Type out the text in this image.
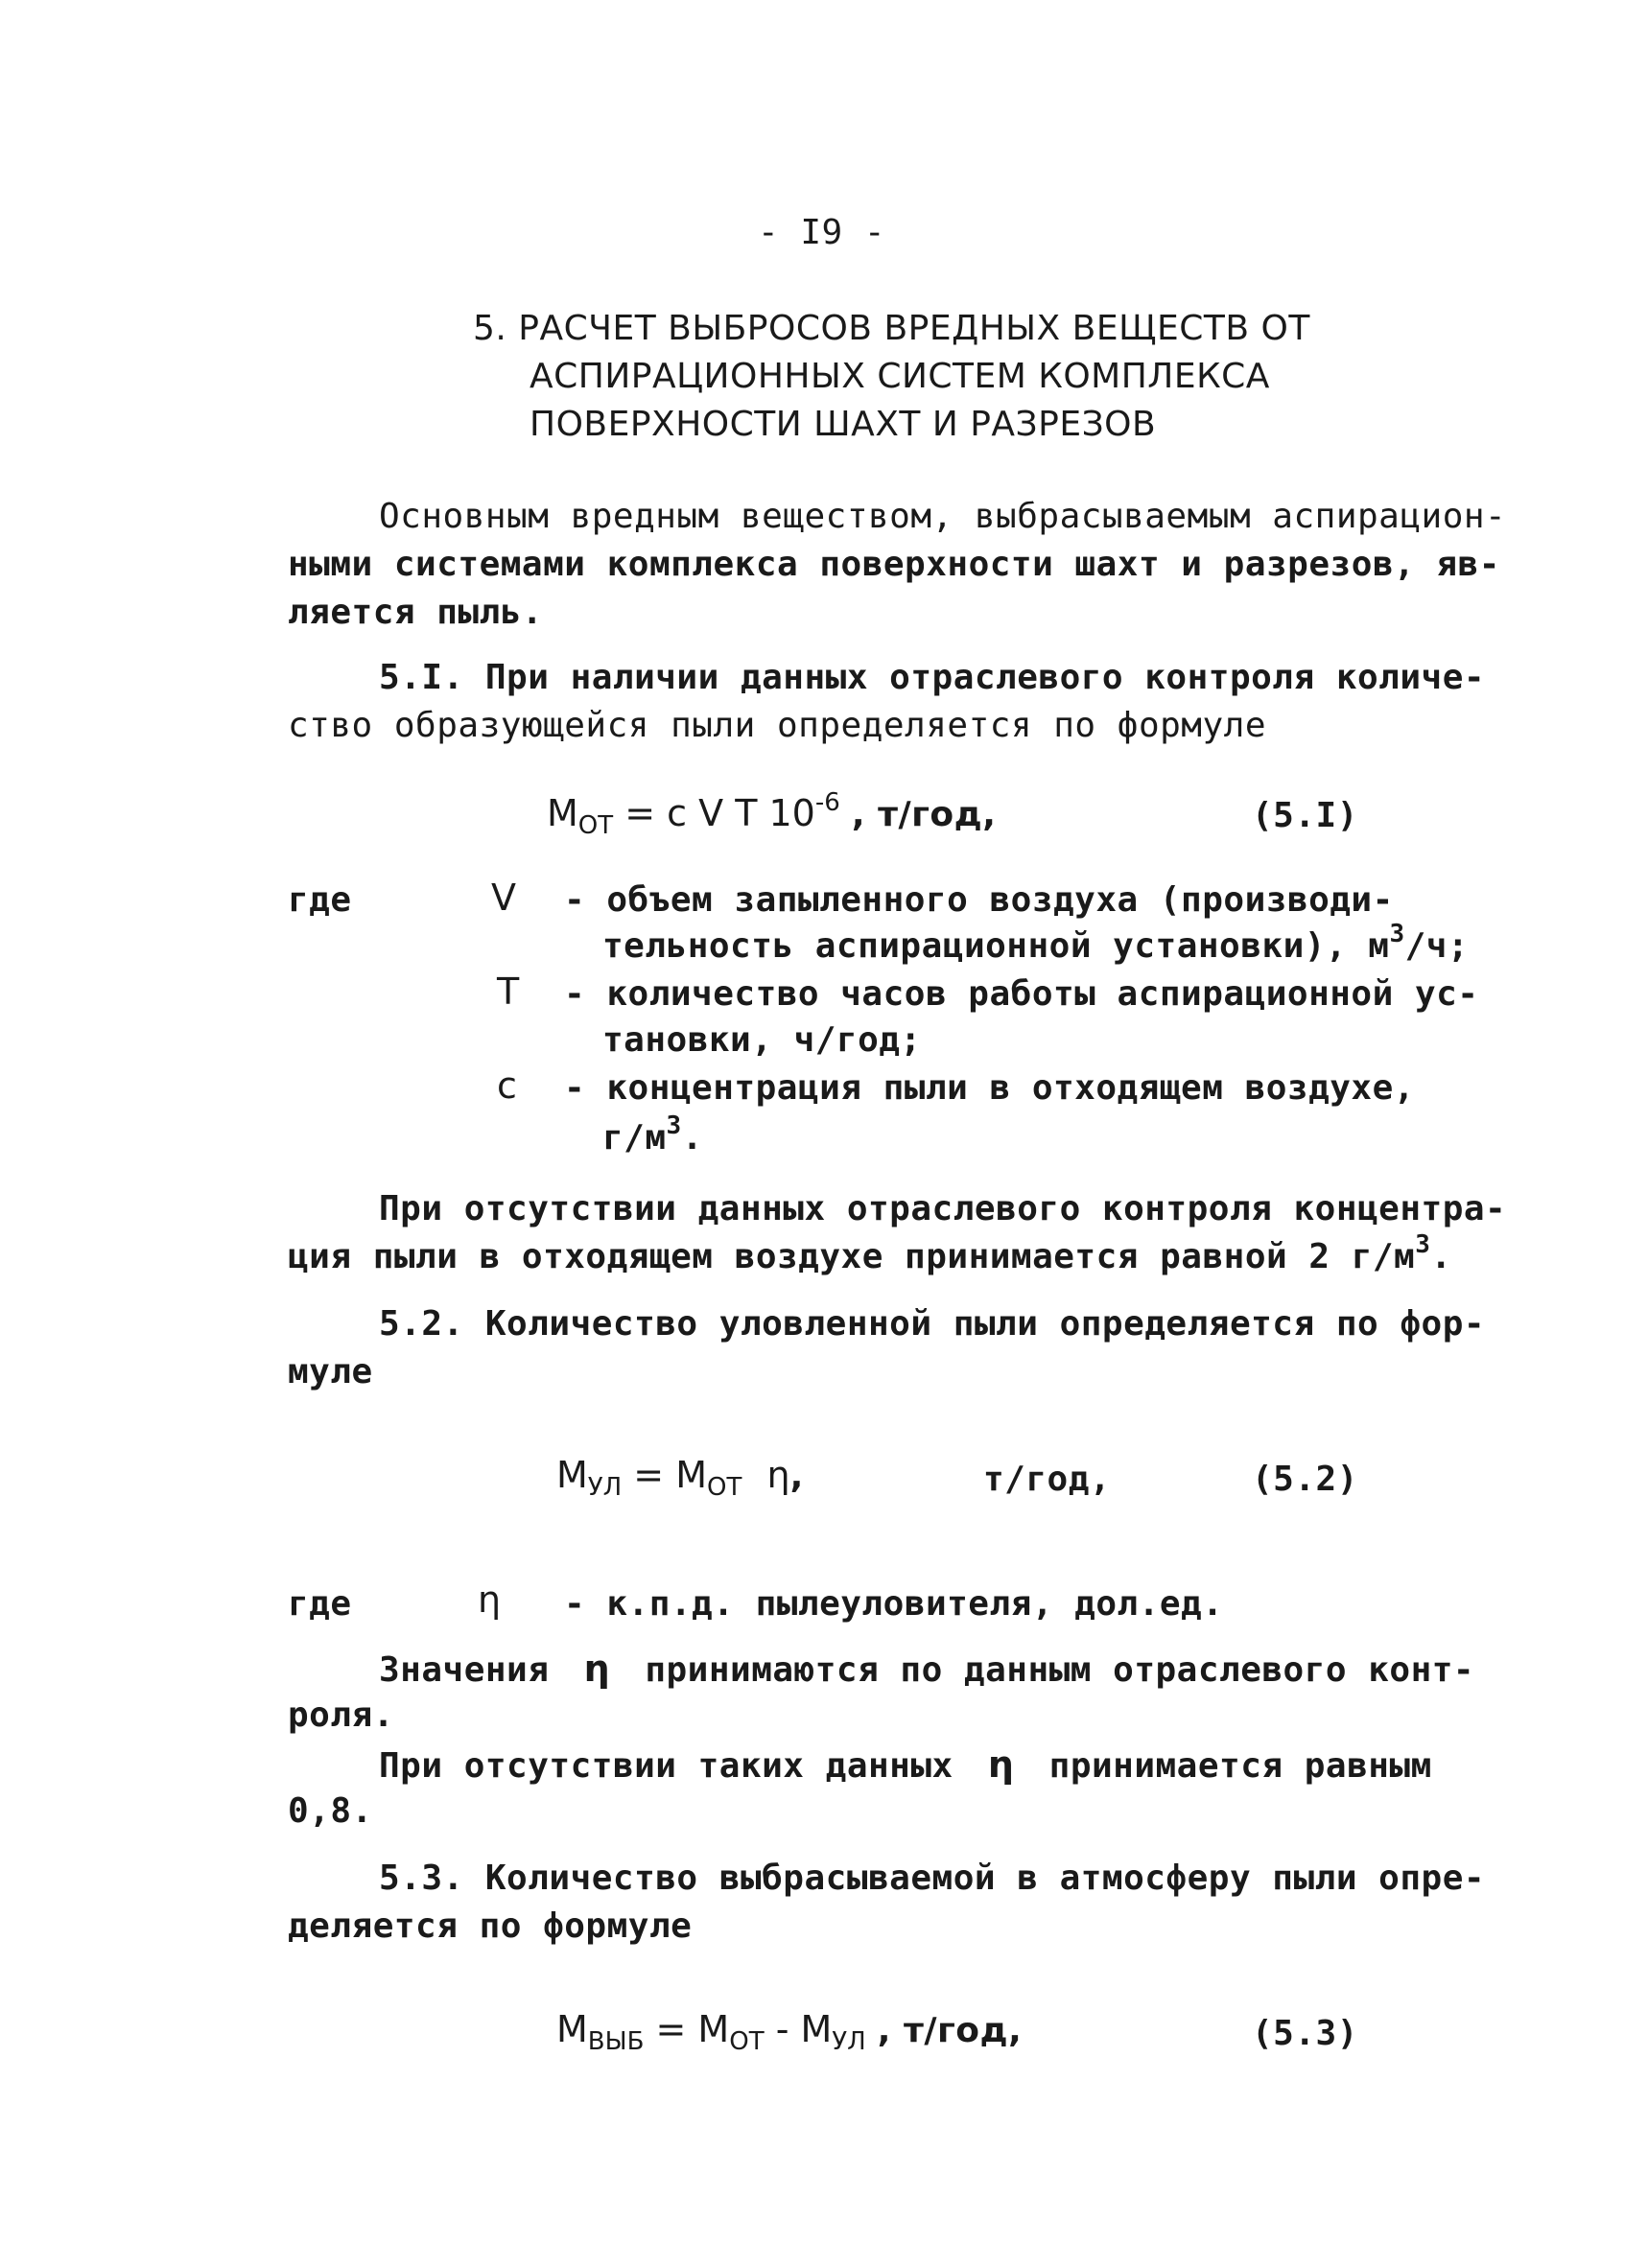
- I9 -
5. РАСЧЕТ ВЫБРОСОВ ВРЕДНЫХ ВЕЩЕСТВ ОТ
АСПИРАЦИОННЫХ СИСТЕМ КОМПЛЕКСА
ПОВЕРХНОСТИ ШАХТ И РАЗРЕЗОВ
Основным вредным веществом, выбрасываемым аспирацион-
ными системами комплекса поверхности шахт и разрезов, яв-
ляется пыль.
5.I. При наличии данных отраслевого контроля количе-
ство образующейся пыли определяется по формуле
$M_{ОТ} = с$ V T $10^{-6}$ , т/год,	(5.I)
где	V - объем запыленного воздуха (производи-
тельность аспирационной установки), $м^3/ч$;
T - количество часов работы аспирационной ус-
тановки, ч/год;
с - концентрация пыли в отходящем воздухе,
$г/м^3$.
При отсутствии данных отраслевого контроля концентра-
ция пыли в отходящем воздухе принимается равной 2 $г/м^3$.
5.2. Количество уловленной пыли определяется по фор-
муле
$M_{УЛ} = M_{ОТ}$ η,	т/год,	(5.2)
где	η - к.п.д. пылеуловителя, дол.ед.
Значения η принимаются по данным отраслевого конт-
роля.
При отсутствии таких данных η принимается равным
0,8.
5.3. Количество выбрасываемой в атмосферу пыли опре-
деляется по формуле
$M_{ВЫБ} = M_{ОТ} - M_{УЛ}$ , т/год,	(5.3)
